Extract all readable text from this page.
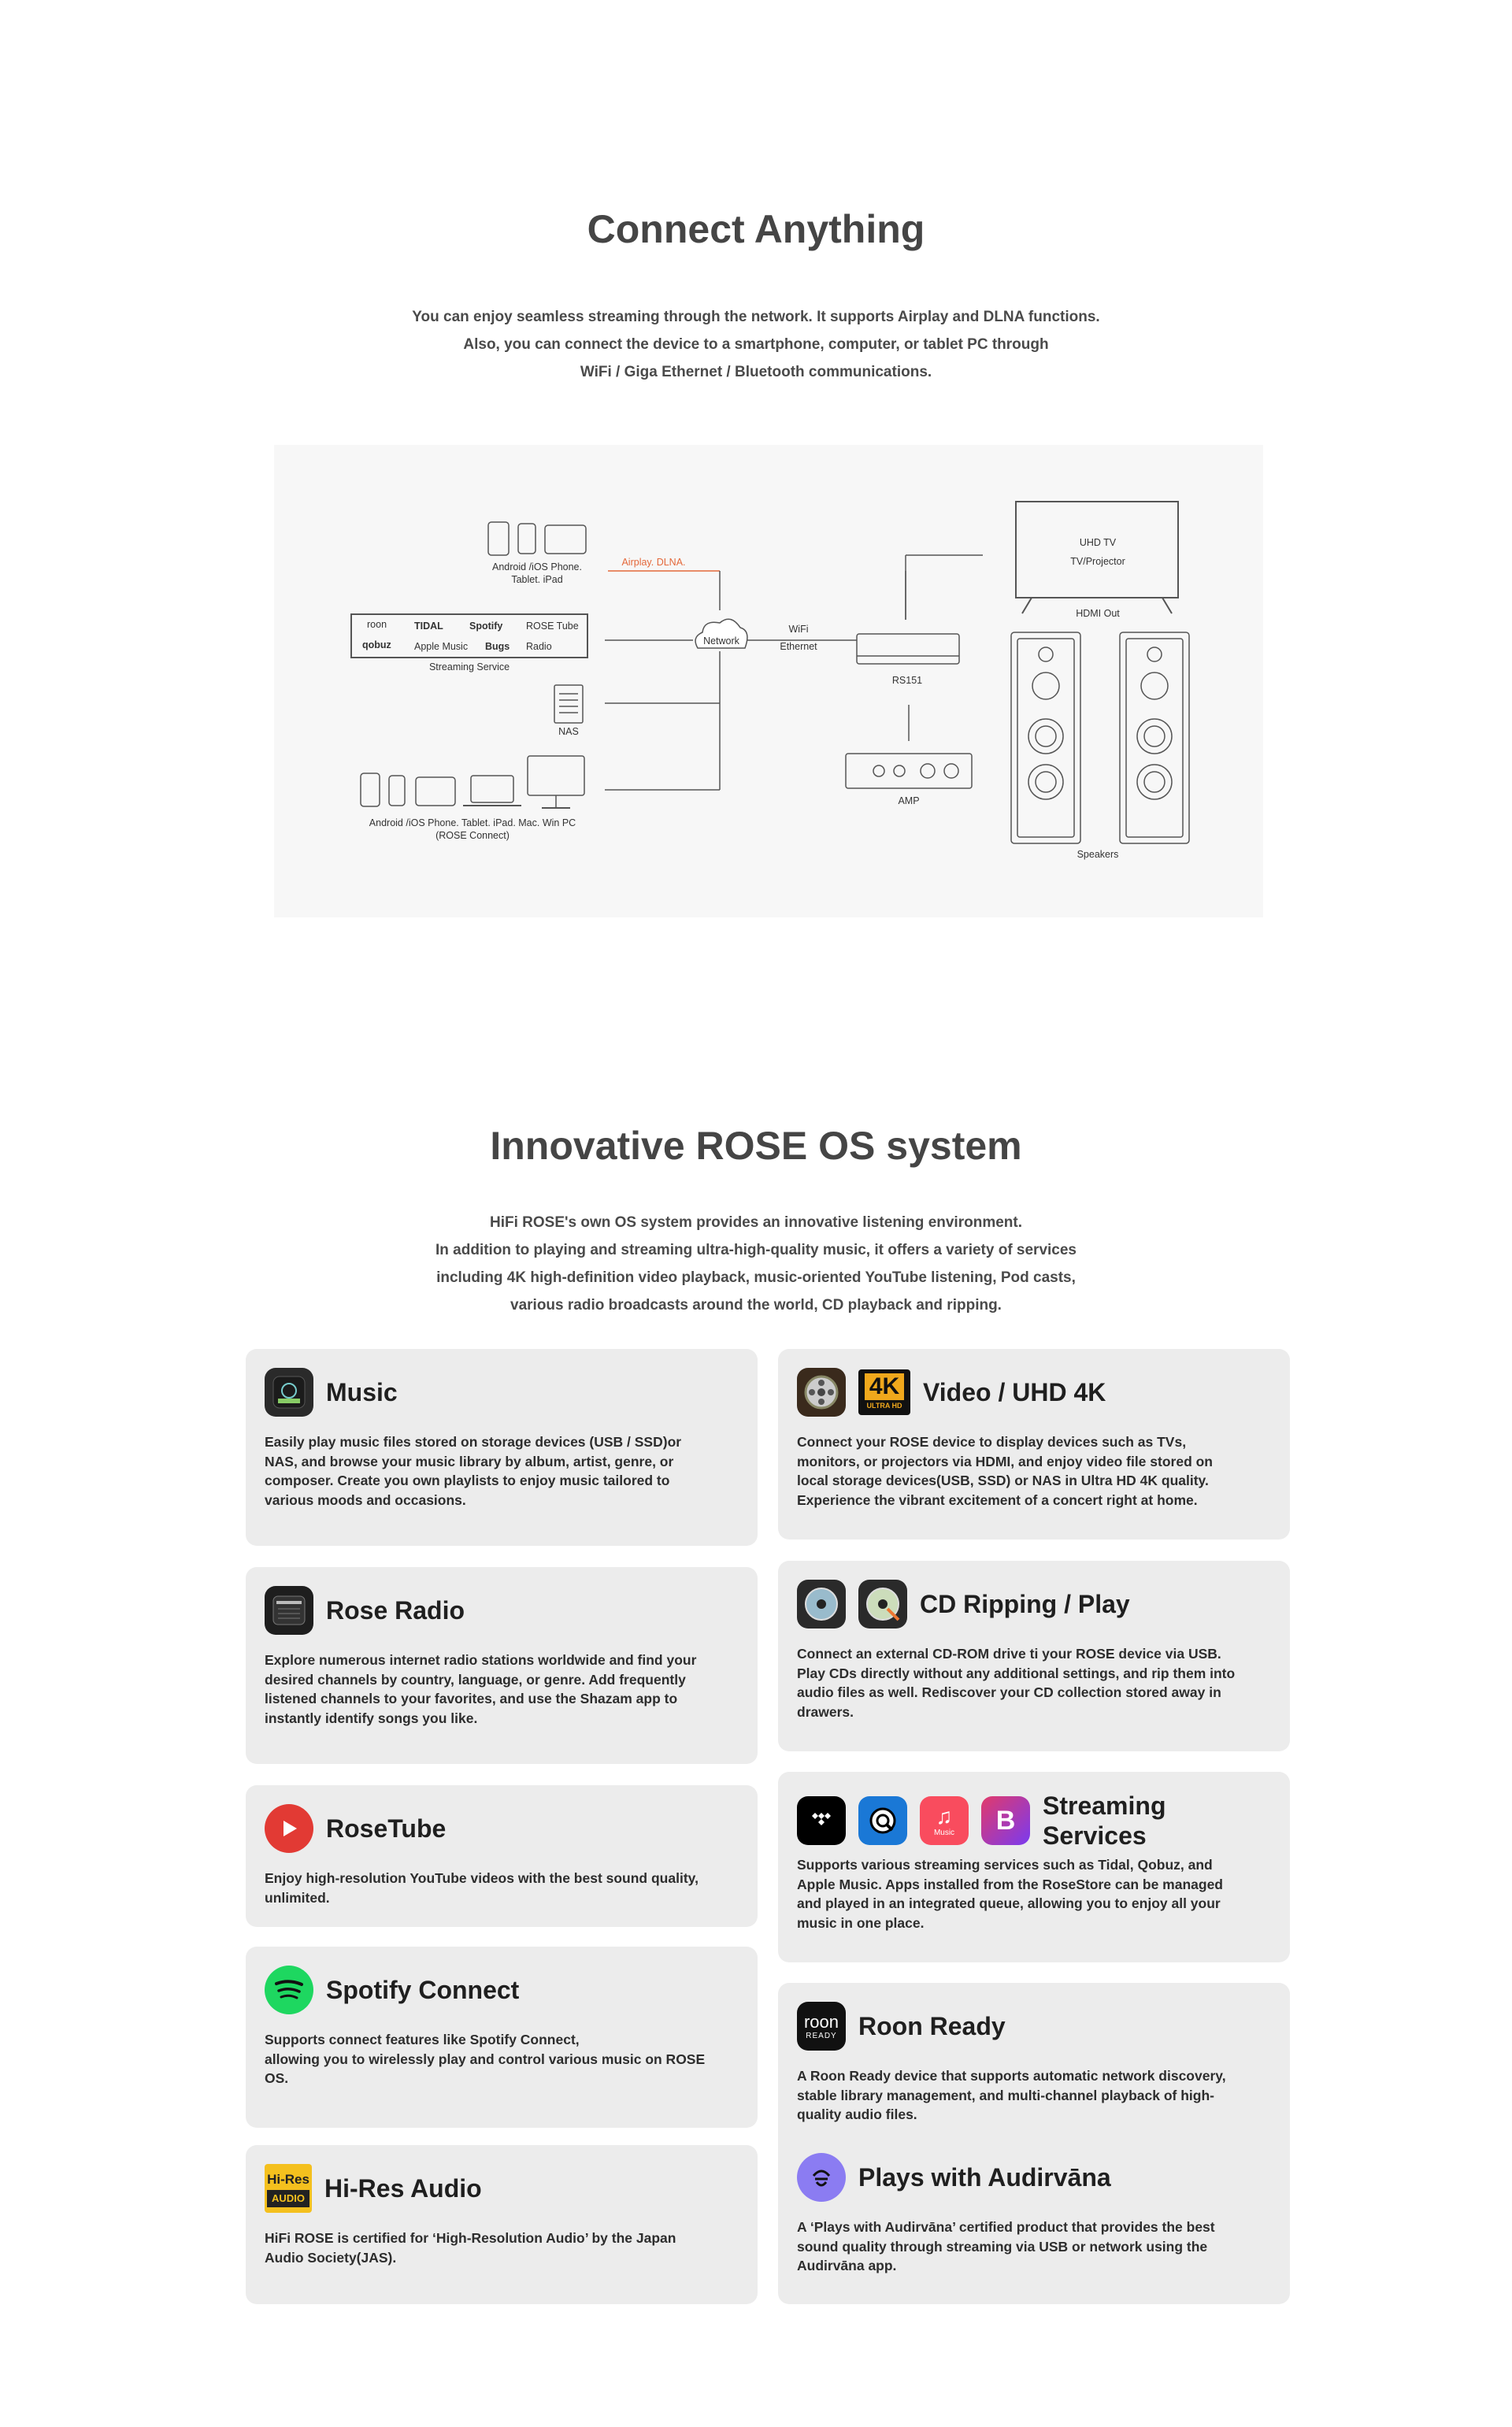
Connect Anything
You can enjoy seamless streaming through the network. It supports Airplay and DLNA functions.
Also, you can connect the device to a smartphone, computer, or tablet PC through
WiFi / Giga Ethernet / Bluetooth communications.
Android /iOS Phone.
Tablet. iPad
Airplay. DLNA.
roon	TIDAL	Spotify ROSE Tube
qobuz Apple Music Bugs Radio
Streaming Service
NAS
Android /iOS Phone. Tablet. iPad. Mac. Win PC
(ROSE Connect)
Network
WiFi
Ethernet
RS151
AMP
UHD TV
TV/Projector
HDMI Out
Speakers
Innovative ROSE OS system
HiFi ROSE's own OS system provides an innovative listening environment.
In addition to playing and streaming ultra-high-quality music, it offers a variety of services
including 4K high-definition video playback, music-oriented YouTube listening, Pod casts,
various radio broadcasts around the world, CD playback and ripping.
Music
Easily play music files stored on storage devices (USB / SSD)or
NAS, and browse your music library by album, artist, genre, or
composer. Create you own playlists to enjoy music tailored to
various moods and occasions.
Rose Radio
Explore numerous internet radio stations worldwide and find your
desired channels by country, language, or genre. Add frequently
listened channels to your favorites, and use the Shazam app to
instantly identify songs you like.
RoseTube
Enjoy high-resolution YouTube videos with the best sound quality,
unlimited.
Spotify Connect
Supports connect features like Spotify Connect,
allowing you to wirelessly play and control various music on ROSE
OS.
Hi-Res
AUDIO Hi-Res Audio
HiFi ROSE is certified for ‘High-Resolution Audio’ by the Japan
Audio Society(JAS).
4K
ULTRA HD Video / UHD 4K
Connect your ROSE device to display devices such as TVs,
monitors, or projectors via HDMI, and enjoy video file stored on
local storage devices(USB, SSD) or NAS in Ultra HD 4K quality.
Experience the vibrant excitement of a concert right at home.
CD Ripping / Play
Connect an external CD-ROM drive ti your ROSE device via USB.
Play CDs directly without any additional settings, and rip them into
audio files as well. Rediscover your CD collection stored away in
drawers.
♫
Music B Streaming
Services
Supports various streaming services such as Tidal, Qobuz, and
Apple Music. Apps installed from the RoseStore can be managed
and played in an integrated queue, allowing you to enjoy all your
music in one place.
roon
READY Roon Ready
A Roon Ready device that supports automatic network discovery,
stable library management, and multi-channel playback of high-
quality audio files.
Plays with Audirvāna
A ‘Plays with Audirvāna’ certified product that provides the best
sound quality through streaming via USB or network using the
Audirvāna app.
